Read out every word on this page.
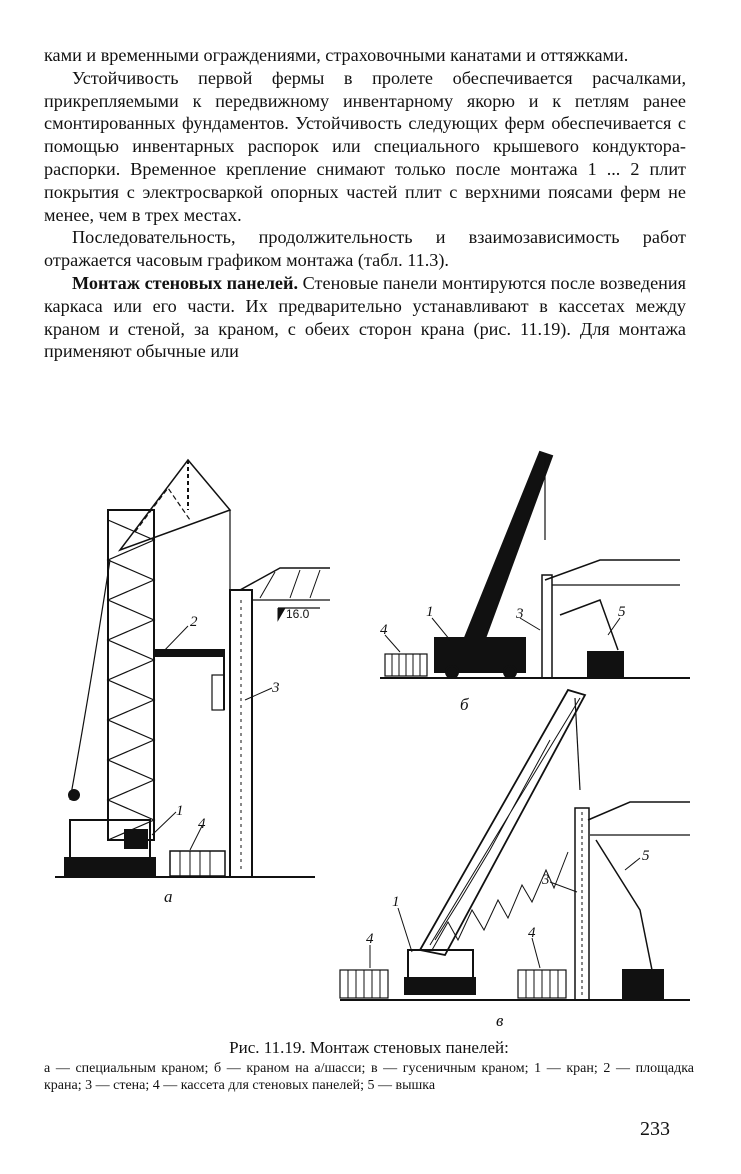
ками и временными ограждениями, страховочными канатами и оттяжками.

Устойчивость первой фермы в пролете обеспечивается расчалками, прикрепляемыми к передвижному инвентарному якорю и к петлям ранее смонтированных фундаментов. Устойчивость следующих ферм обеспечивается с помощью инвентарных распорок или специального крышевого кондуктора-распорки. Временное крепление снимают только после монтажа 1 ... 2 плит покрытия с электросваркой опорных частей плит с верхними поясами ферм не менее, чем в трех местах.

Последовательность, продолжительность и взаимозависимость работ отражается часовым графиком монтажа (табл. 11.3).

Монтаж стеновых панелей. Стеновые панели монтируются после возведения каркаса или его части. Их предварительно устанавливают в кассетах между краном и стеной, за краном, с обеих сторон крана (рис. 11.19). Для монтажа применяют обычные или

16.0
2
3
1
4
1
4
3	5
5
3
1
4	4
а
б
в
Рис. 11.19. Монтаж стеновых панелей:
а — специальным краном; б — краном на а/шасси; в — гусеничным краном; 1 — кран; 2 — площадка крана; 3 — стена; 4 — кассета для стеновых панелей; 5 — вышка
233
